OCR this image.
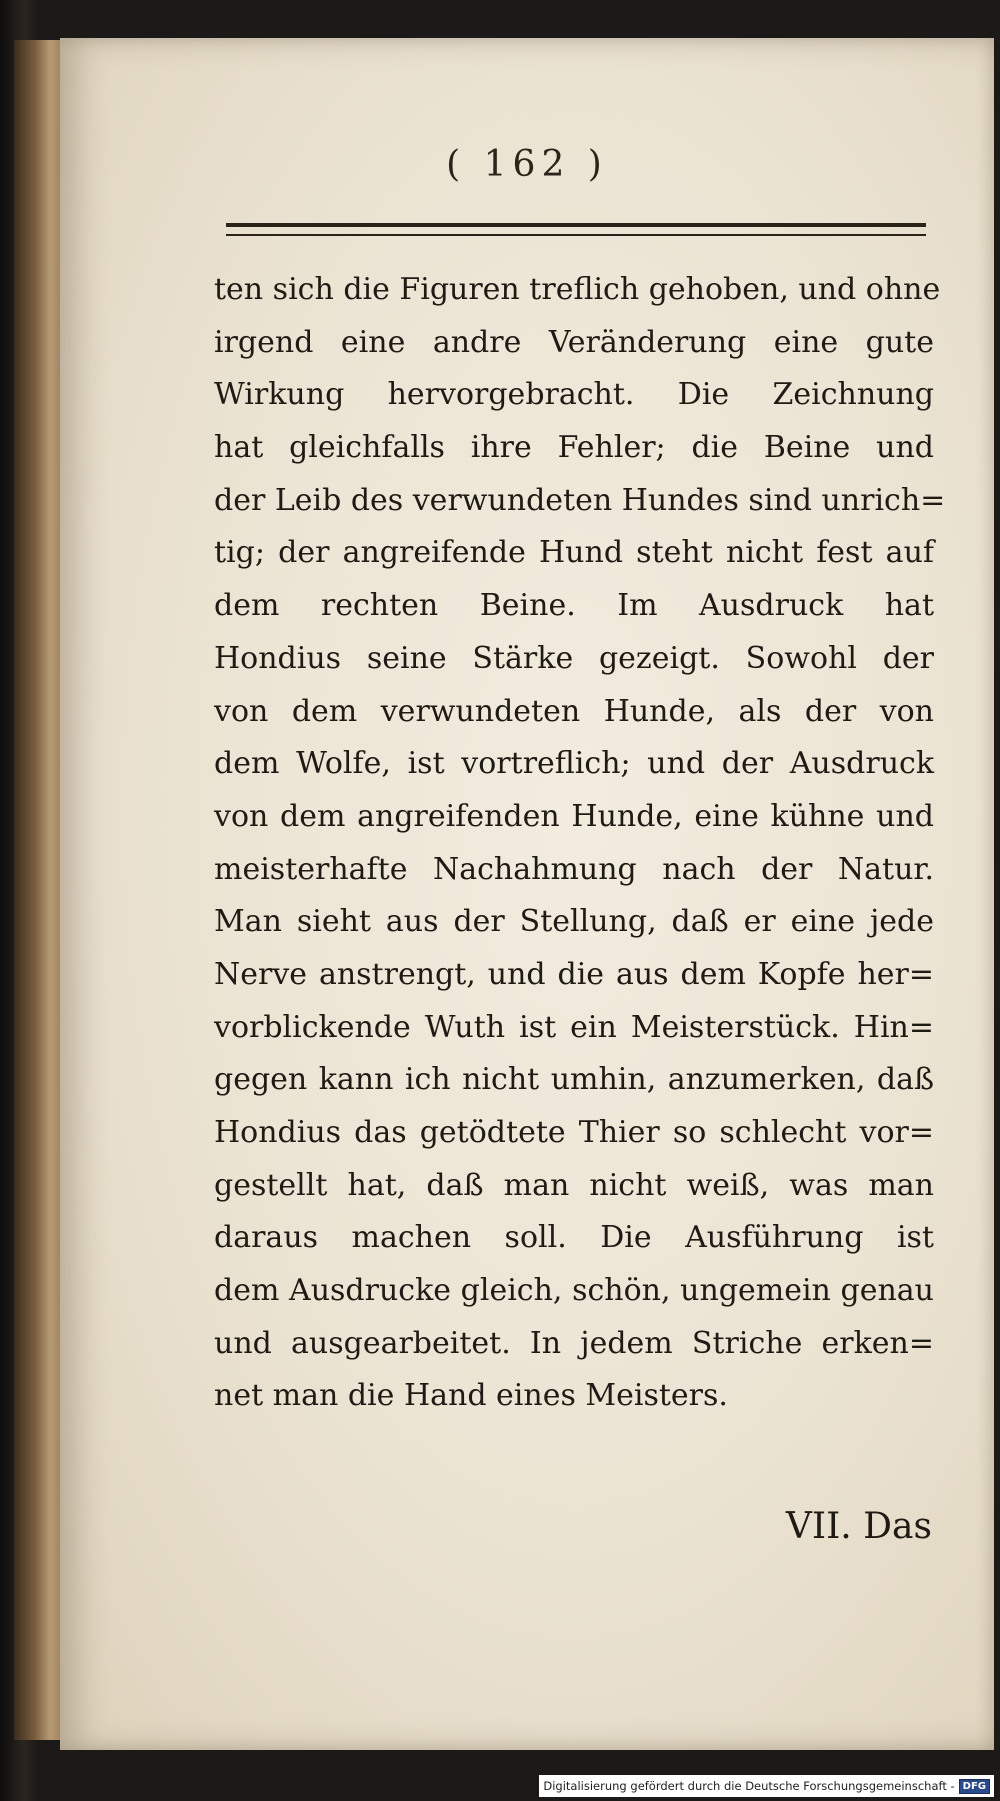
( 162 )
ten sich die Figuren treflich gehoben, und ohne
irgend eine andre Veränderung eine gute
Wirkung hervorgebracht. Die Zeichnung
hat gleichfalls ihre Fehler; die Beine und
der Leib des verwundeten Hundes sind unrich=
tig; der angreifende Hund steht nicht fest auf
dem rechten Beine. Im Ausdruck hat
Hondius seine Stärke gezeigt. Sowohl der
von dem verwundeten Hunde, als der von
dem Wolfe, ist vortreflich; und der Ausdruck
von dem angreifenden Hunde, eine kühne und
meisterhafte Nachahmung nach der Natur.
Man sieht aus der Stellung, daß er eine jede
Nerve anstrengt, und die aus dem Kopfe her=
vorblickende Wuth ist ein Meisterstück. Hin=
gegen kann ich nicht umhin, anzumerken, daß
Hondius das getödtete Thier so schlecht vor=
gestellt hat, daß man nicht weiß, was man
daraus machen soll. Die Ausführung ist
dem Ausdrucke gleich, schön, ungemein genau
und ausgearbeitet. In jedem Striche erken=
net man die Hand eines Meisters.
VII. Das
Digitalisierung gefördert durch die Deutsche Forschungsgemeinschaft - DFG
